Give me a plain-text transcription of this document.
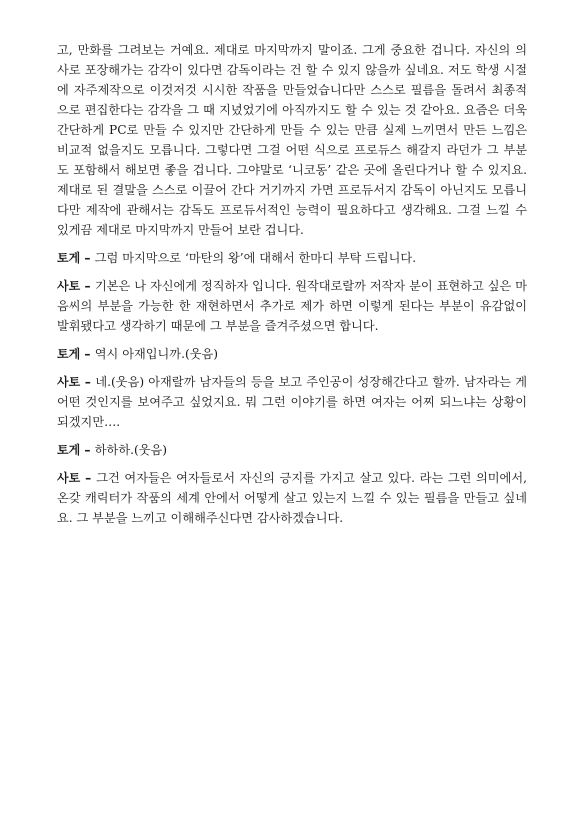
고, 만화를 그려보는 거예요. 제대로 마지막까지 말이죠. 그게 중요한 겁니다. 자신의 의사로 포장해가는 감각이 있다면 감독이라는 건 할 수 있지 않을까 싶네요. 저도 학생 시절에 자주제작으로 이것저것 시시한 작품을 만들었습니다만 스스로 필름을 돌려서 최종적으로 편집한다는 감각을 그 때 지녔었기에 아직까지도 할 수 있는 것 같아요. 요즘은 더욱 간단하게 PC로 만들 수 있지만 간단하게 만들 수 있는 만큼 실제 느끼면서 만든 느낌은 비교적 없을지도 모릅니다. 그렇다면 그걸 어떤 식으로 프로듀스 해갈지 라던가 그 부분도 포함해서 해보면 좋을 겁니다. 그야말로 ‘니코동’ 같은 곳에 올린다거나 할 수 있지요. 제대로 된 결말을 스스로 이끌어 간다 거기까지 가면 프로듀서지 감독이 아닌지도 모릅니다만 제작에 관해서는 감독도 프로듀서적인 능력이 필요하다고 생각해요. 그걸 느낄 수 있게끔 제대로 마지막까지 만들어 보란 겁니다.

토게 – 그럼 마지막으로 ‘마탄의 왕’에 대해서 한마디 부탁 드립니다.

사토 – 기본은 나 자신에게 정직하자 입니다. 원작대로랄까 저작자 분이 표현하고 싶은 마음씨의 부분을 가능한 한 재현하면서 추가로 제가 하면 이렇게 된다는 부분이 유감없이 발휘됐다고 생각하기 때문에 그 부분을 즐겨주셨으면 합니다.

토게 – 역시 아재입니까.(웃음)

사토 – 네.(웃음) 아재랄까 남자들의 등을 보고 주인공이 성장해간다고 할까. 남자라는 게 어떤 것인지를 보여주고 싶었지요. 뭐 그런 이야기를 하면 여자는 어찌 되느냐는 상황이 되겠지만….

토게 – 하하하.(웃음)

사토 – 그건 여자들은 여자들로서 자신의 긍지를 가지고 살고 있다. 라는 그런 의미에서, 온갖 캐릭터가 작품의 세계 안에서 어떻게 살고 있는지 느낄 수 있는 필름을 만들고 싶네요. 그 부분을 느끼고 이해해주신다면 감사하겠습니다.
